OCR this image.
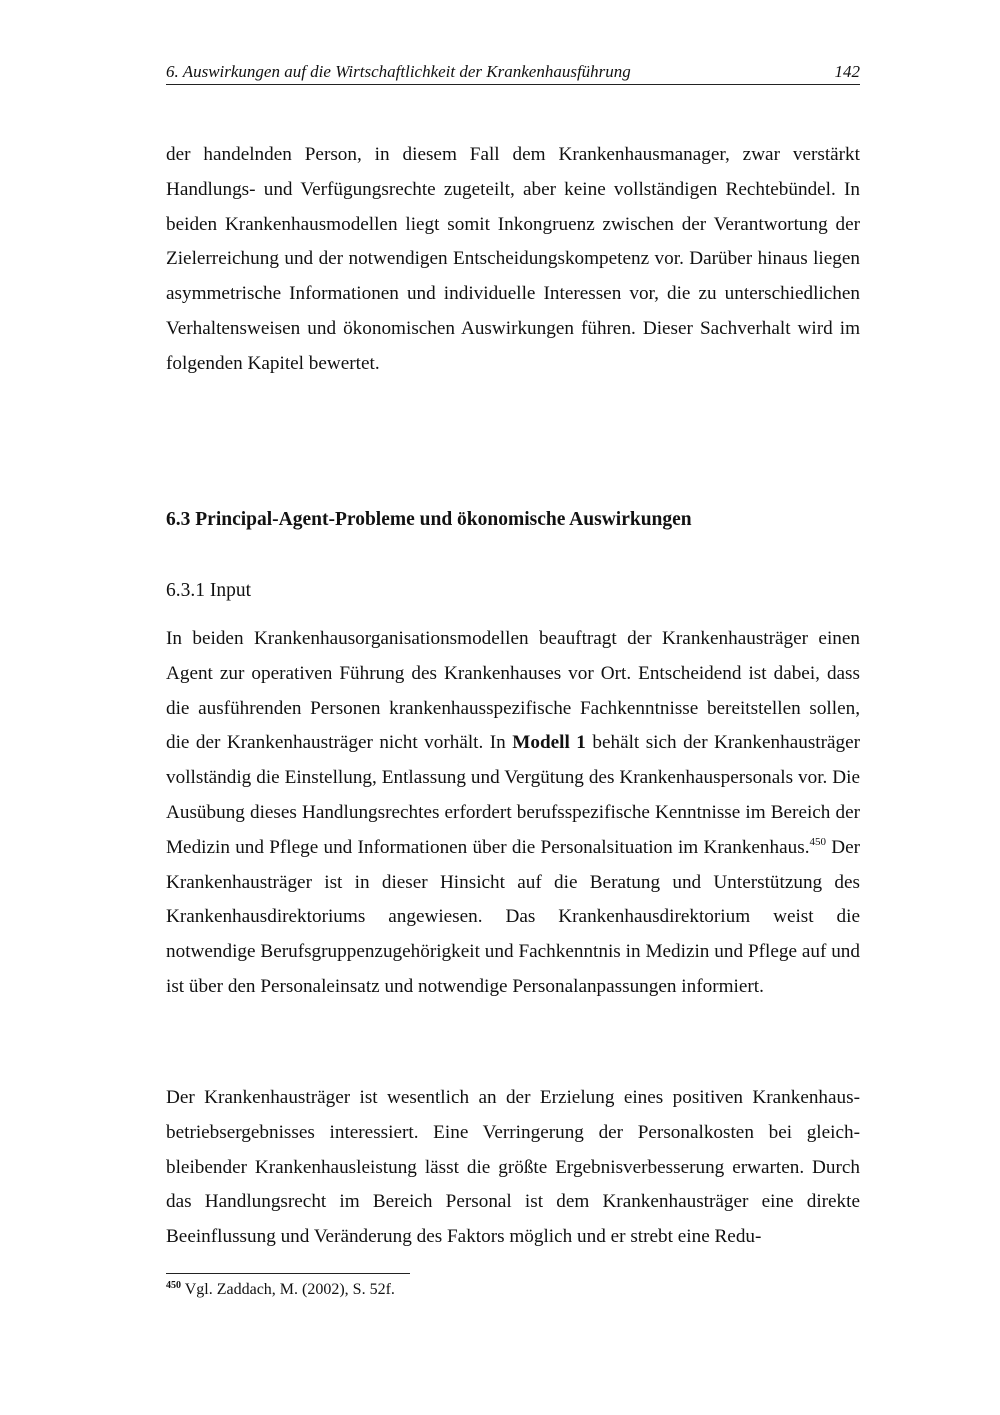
6. Auswirkungen auf die Wirtschaftlichkeit der Krankenhausführung	142

der handelnden Person, in diesem Fall dem Krankenhausmanager, zwar verstärkt Handlungs- und Verfügungsrechte zugeteilt, aber keine vollständigen Rechtebündel. In beiden Krankenhausmodellen liegt somit Inkongruenz zwischen der Verantwortung der Zielerreichung und der notwendigen Entscheidungskompetenz vor. Darüber hinaus liegen asymmetrische Informationen und individuelle Interessen vor, die zu unterschiedlichen Verhaltensweisen und ökonomischen Auswirkungen führen. Dieser Sachverhalt wird im folgenden Kapitel bewertet.

6.3 Principal-Agent-Probleme und ökonomische Auswirkungen
6.3.1 Input

In beiden Krankenhausorganisationsmodellen beauftragt der Krankenhausträger einen Agent zur operativen Führung des Krankenhauses vor Ort. Entscheidend ist dabei, dass die ausführenden Personen krankenhausspezifische Fachkenntnisse bereitstellen sollen, die der Krankenhausträger nicht vorhält. In Modell 1 behält sich der Krankenhausträger vollständig die Einstellung, Entlassung und Vergütung des Krankenhauspersonals vor. Die Ausübung dieses Handlungsrechtes erfordert berufsspezifische Kenntnisse im Bereich der Medizin und Pflege und Informationen über die Personalsituation im Krankenhaus.$^{450}$ Der Krankenhausträger ist in dieser Hinsicht auf die Beratung und Unterstützung des Krankenhausdirektoriums angewiesen. Das Krankenhausdirektorium weist die notwendige Berufsgruppenzugehörigkeit und Fachkenntnis in Medizin und Pflege auf und ist über den Personaleinsatz und notwendige Personalanpassungen informiert.

Der Krankenhausträger ist wesentlich an der Erzielung eines positiven Krankenhausbetriebsergebnisses interessiert. Eine Verringerung der Personalkosten bei gleichbleibender Krankenhausleistung lässt die größte Ergebnisverbesserung erwarten. Durch das Handlungsrecht im Bereich Personal ist dem Krankenhausträger eine direkte Beeinflussung und Veränderung des Faktors möglich und er strebt eine Redu-

$^{450}$ Vgl. Zaddach, M. (2002), S. 52f.
